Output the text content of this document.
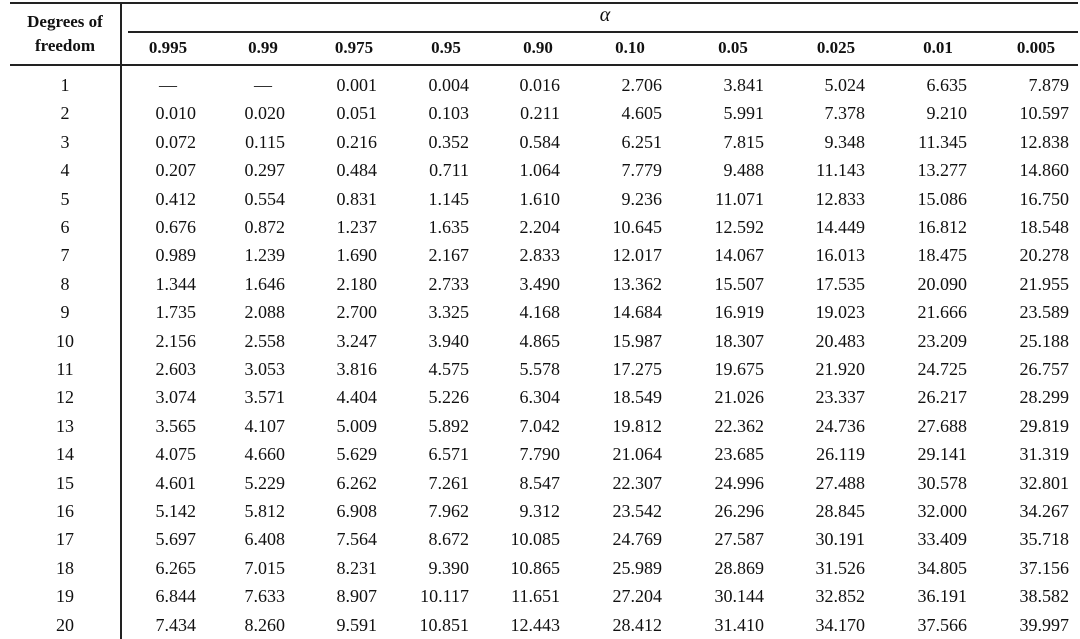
Degrees of
freedom
α
0.995	0.99	0.975	0.95	0.90	0.10	0.05	0.025	0.01	0.005
1	—	—	0.001	0.004	0.016	2.706	3.841	5.024	6.635	7.879
2	0.010	0.020	0.051	0.103	0.211	4.605	5.991	7.378	9.210	10.597
3	0.072	0.115	0.216	0.352	0.584	6.251	7.815	9.348	11.345	12.838
4	0.207	0.297	0.484	0.711	1.064	7.779	9.488	11.143	13.277	14.860
5	0.412	0.554	0.831	1.145	1.610	9.236	11.071	12.833	15.086	16.750
6	0.676	0.872	1.237	1.635	2.204	10.645	12.592	14.449	16.812	18.548
7	0.989	1.239	1.690	2.167	2.833	12.017	14.067	16.013	18.475	20.278
8	1.344	1.646	2.180	2.733	3.490	13.362	15.507	17.535	20.090	21.955
9	1.735	2.088	2.700	3.325	4.168	14.684	16.919	19.023	21.666	23.589
10	2.156	2.558	3.247	3.940	4.865	15.987	18.307	20.483	23.209	25.188
11	2.603	3.053	3.816	4.575	5.578	17.275	19.675	21.920	24.725	26.757
12	3.074	3.571	4.404	5.226	6.304	18.549	21.026	23.337	26.217	28.299
13	3.565	4.107	5.009	5.892	7.042	19.812	22.362	24.736	27.688	29.819
14	4.075	4.660	5.629	6.571	7.790	21.064	23.685	26.119	29.141	31.319
15	4.601	5.229	6.262	7.261	8.547	22.307	24.996	27.488	30.578	32.801
16	5.142	5.812	6.908	7.962	9.312	23.542	26.296	28.845	32.000	34.267
17	5.697	6.408	7.564	8.672	10.085	24.769	27.587	30.191	33.409	35.718
18	6.265	7.015	8.231	9.390	10.865	25.989	28.869	31.526	34.805	37.156
19	6.844	7.633	8.907	10.117	11.651	27.204	30.144	32.852	36.191	38.582
20	7.434	8.260	9.591	10.851	12.443	28.412	31.410	34.170	37.566	39.997
